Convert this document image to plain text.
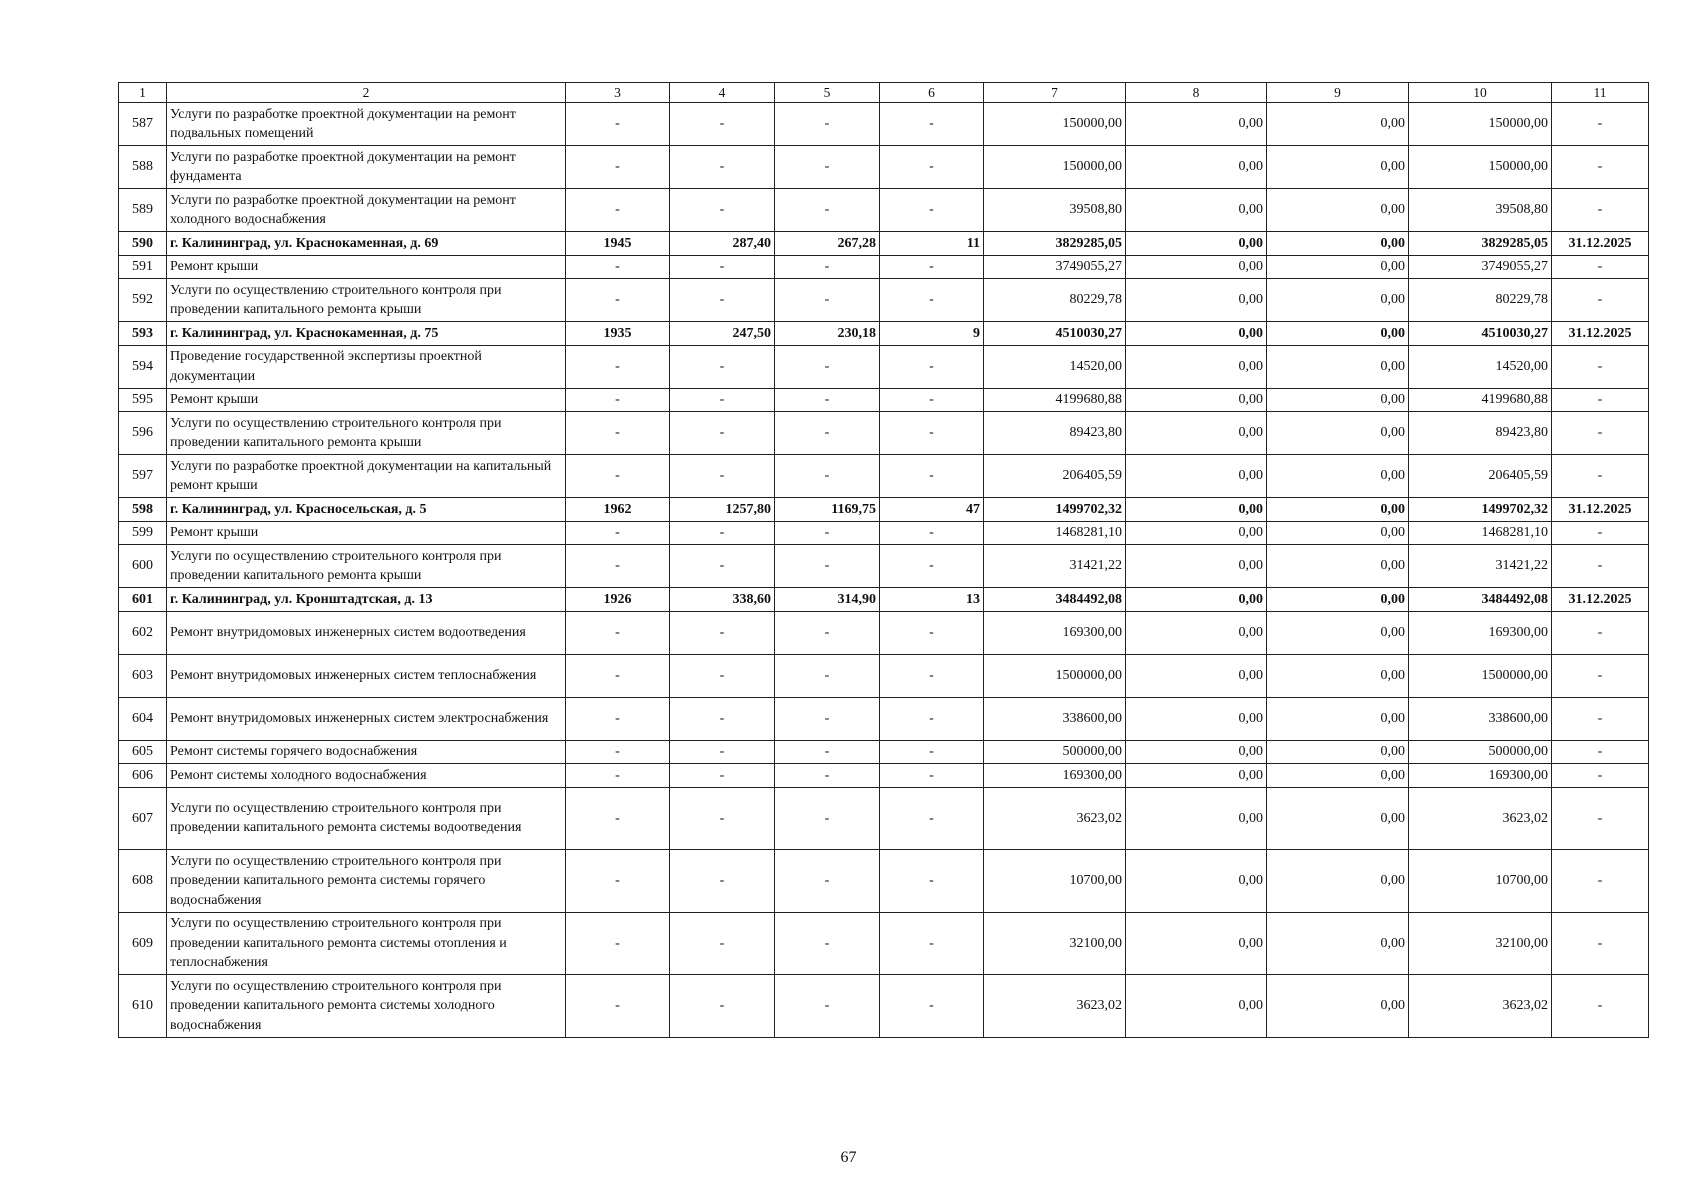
1	2	3	4	5	6	7	8	9	10	11
587	Услуги по разработке проектной документации на ремонт подвальных помещений	-	-	-	-	150000,00	0,00	0,00	150000,00	-
588	Услуги по разработке проектной документации на ремонт фундамента	-	-	-	-	150000,00	0,00	0,00	150000,00	-
589	Услуги по разработке проектной документации на ремонт холодного водоснабжения	-	-	-	-	39508,80	0,00	0,00	39508,80	-
590	г. Калининград, ул. Краснокаменная, д. 69	1945	287,40	267,28	11	3829285,05	0,00	0,00	3829285,05	31.12.2025
591	Ремонт крыши	-	-	-	-	3749055,27	0,00	0,00	3749055,27	-
592	Услуги по осуществлению строительного контроля при проведении капитального ремонта крыши	-	-	-	-	80229,78	0,00	0,00	80229,78	-
593	г. Калининград, ул. Краснокаменная, д. 75	1935	247,50	230,18	9	4510030,27	0,00	0,00	4510030,27	31.12.2025
594	Проведение государственной экспертизы проектной документации	-	-	-	-	14520,00	0,00	0,00	14520,00	-
595	Ремонт крыши	-	-	-	-	4199680,88	0,00	0,00	4199680,88	-
596	Услуги по осуществлению строительного контроля при проведении капитального ремонта крыши	-	-	-	-	89423,80	0,00	0,00	89423,80	-
597	Услуги по разработке проектной документации на капитальный ремонт крыши	-	-	-	-	206405,59	0,00	0,00	206405,59	-
598	г. Калининград, ул. Красносельская, д. 5	1962	1257,80	1169,75	47	1499702,32	0,00	0,00	1499702,32	31.12.2025
599	Ремонт крыши	-	-	-	-	1468281,10	0,00	0,00	1468281,10	-
600	Услуги по осуществлению строительного контроля при проведении капитального ремонта крыши	-	-	-	-	31421,22	0,00	0,00	31421,22	-
601	г. Калининград, ул. Кронштадтская, д. 13	1926	338,60	314,90	13	3484492,08	0,00	0,00	3484492,08	31.12.2025
602	Ремонт внутридомовых инженерных систем водоотведения	-	-	-	-	169300,00	0,00	0,00	169300,00	-
603	Ремонт внутридомовых инженерных систем теплоснабжения	-	-	-	-	1500000,00	0,00	0,00	1500000,00	-
604	Ремонт внутридомовых инженерных систем электроснабжения	-	-	-	-	338600,00	0,00	0,00	338600,00	-
605	Ремонт системы горячего водоснабжения	-	-	-	-	500000,00	0,00	0,00	500000,00	-
606	Ремонт системы холодного водоснабжения	-	-	-	-	169300,00	0,00	0,00	169300,00	-
607	Услуги по осуществлению строительного контроля при проведении капитального ремонта системы водоотведения	-	-	-	-	3623,02	0,00	0,00	3623,02	-
608	Услуги по осуществлению строительного контроля при проведении капитального ремонта системы горячего водоснабжения	-	-	-	-	10700,00	0,00	0,00	10700,00	-
609	Услуги по осуществлению строительного контроля при проведении капитального ремонта системы отопления и теплоснабжения	-	-	-	-	32100,00	0,00	0,00	32100,00	-
610	Услуги по осуществлению строительного контроля при проведении капитального ремонта системы холодного водоснабжения	-	-	-	-	3623,02	0,00	0,00	3623,02	-
67
